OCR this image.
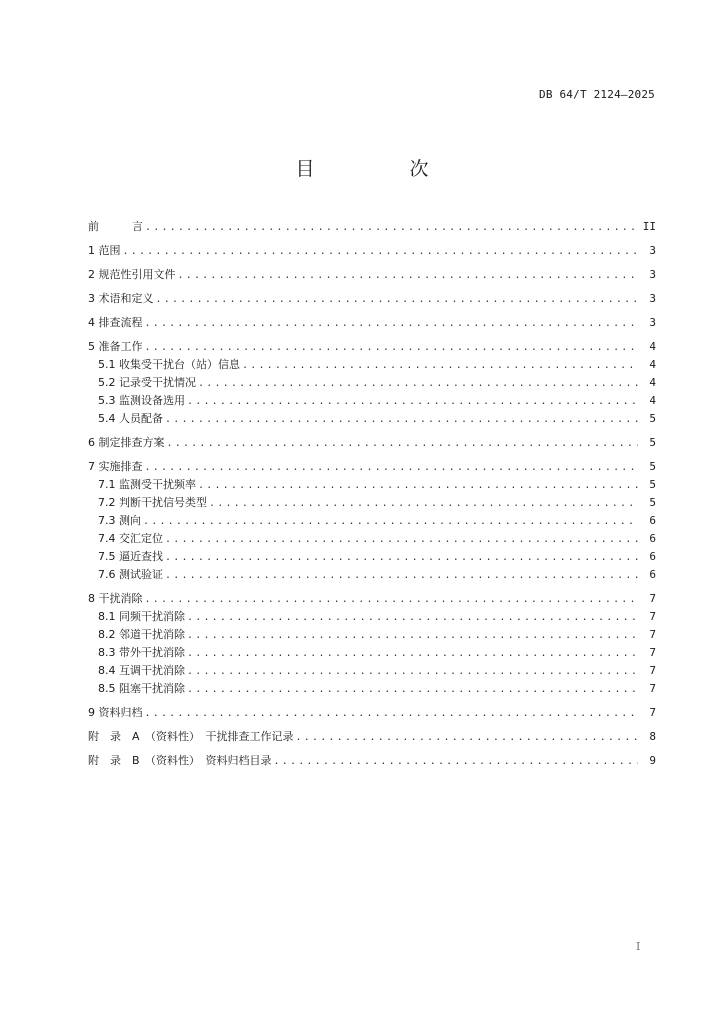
DB 64/T 2124—2025
目　次
前　　　言 .....	II
1 范围 .....	3
2 规范性引用文件 .....	3
3 术语和定义 .....	3
4 排查流程 .....	3
5 准备工作 .....	4
5.1 收集受干扰台（站）信息 .....	4
5.2 记录受干扰情况 .....	4
5.3 监测设备选用 .....	4
5.4 人员配备 .....	5
6 制定排查方案 .....	5
7 实施排查 .....	5
7.1 监测受干扰频率 .....	5
7.2 判断干扰信号类型 .....	5
7.3 测向 .....	6
7.4 交汇定位 .....	6
7.5 逼近查找 .....	6
7.6 测试验证 .....	6
8 干扰消除 .....	7
8.1 同频干扰消除 .....	7
8.2 邻道干扰消除 .....	7
8.3 带外干扰消除 .....	7
8.4 互调干扰消除 .....	7
8.5 阻塞干扰消除 .....	7
9 资料归档 .....	7
附　录　A　（资料性）　干扰排查工作记录 .....	8
附　录　B　（资料性）　资料归档目录 .....	9
I
